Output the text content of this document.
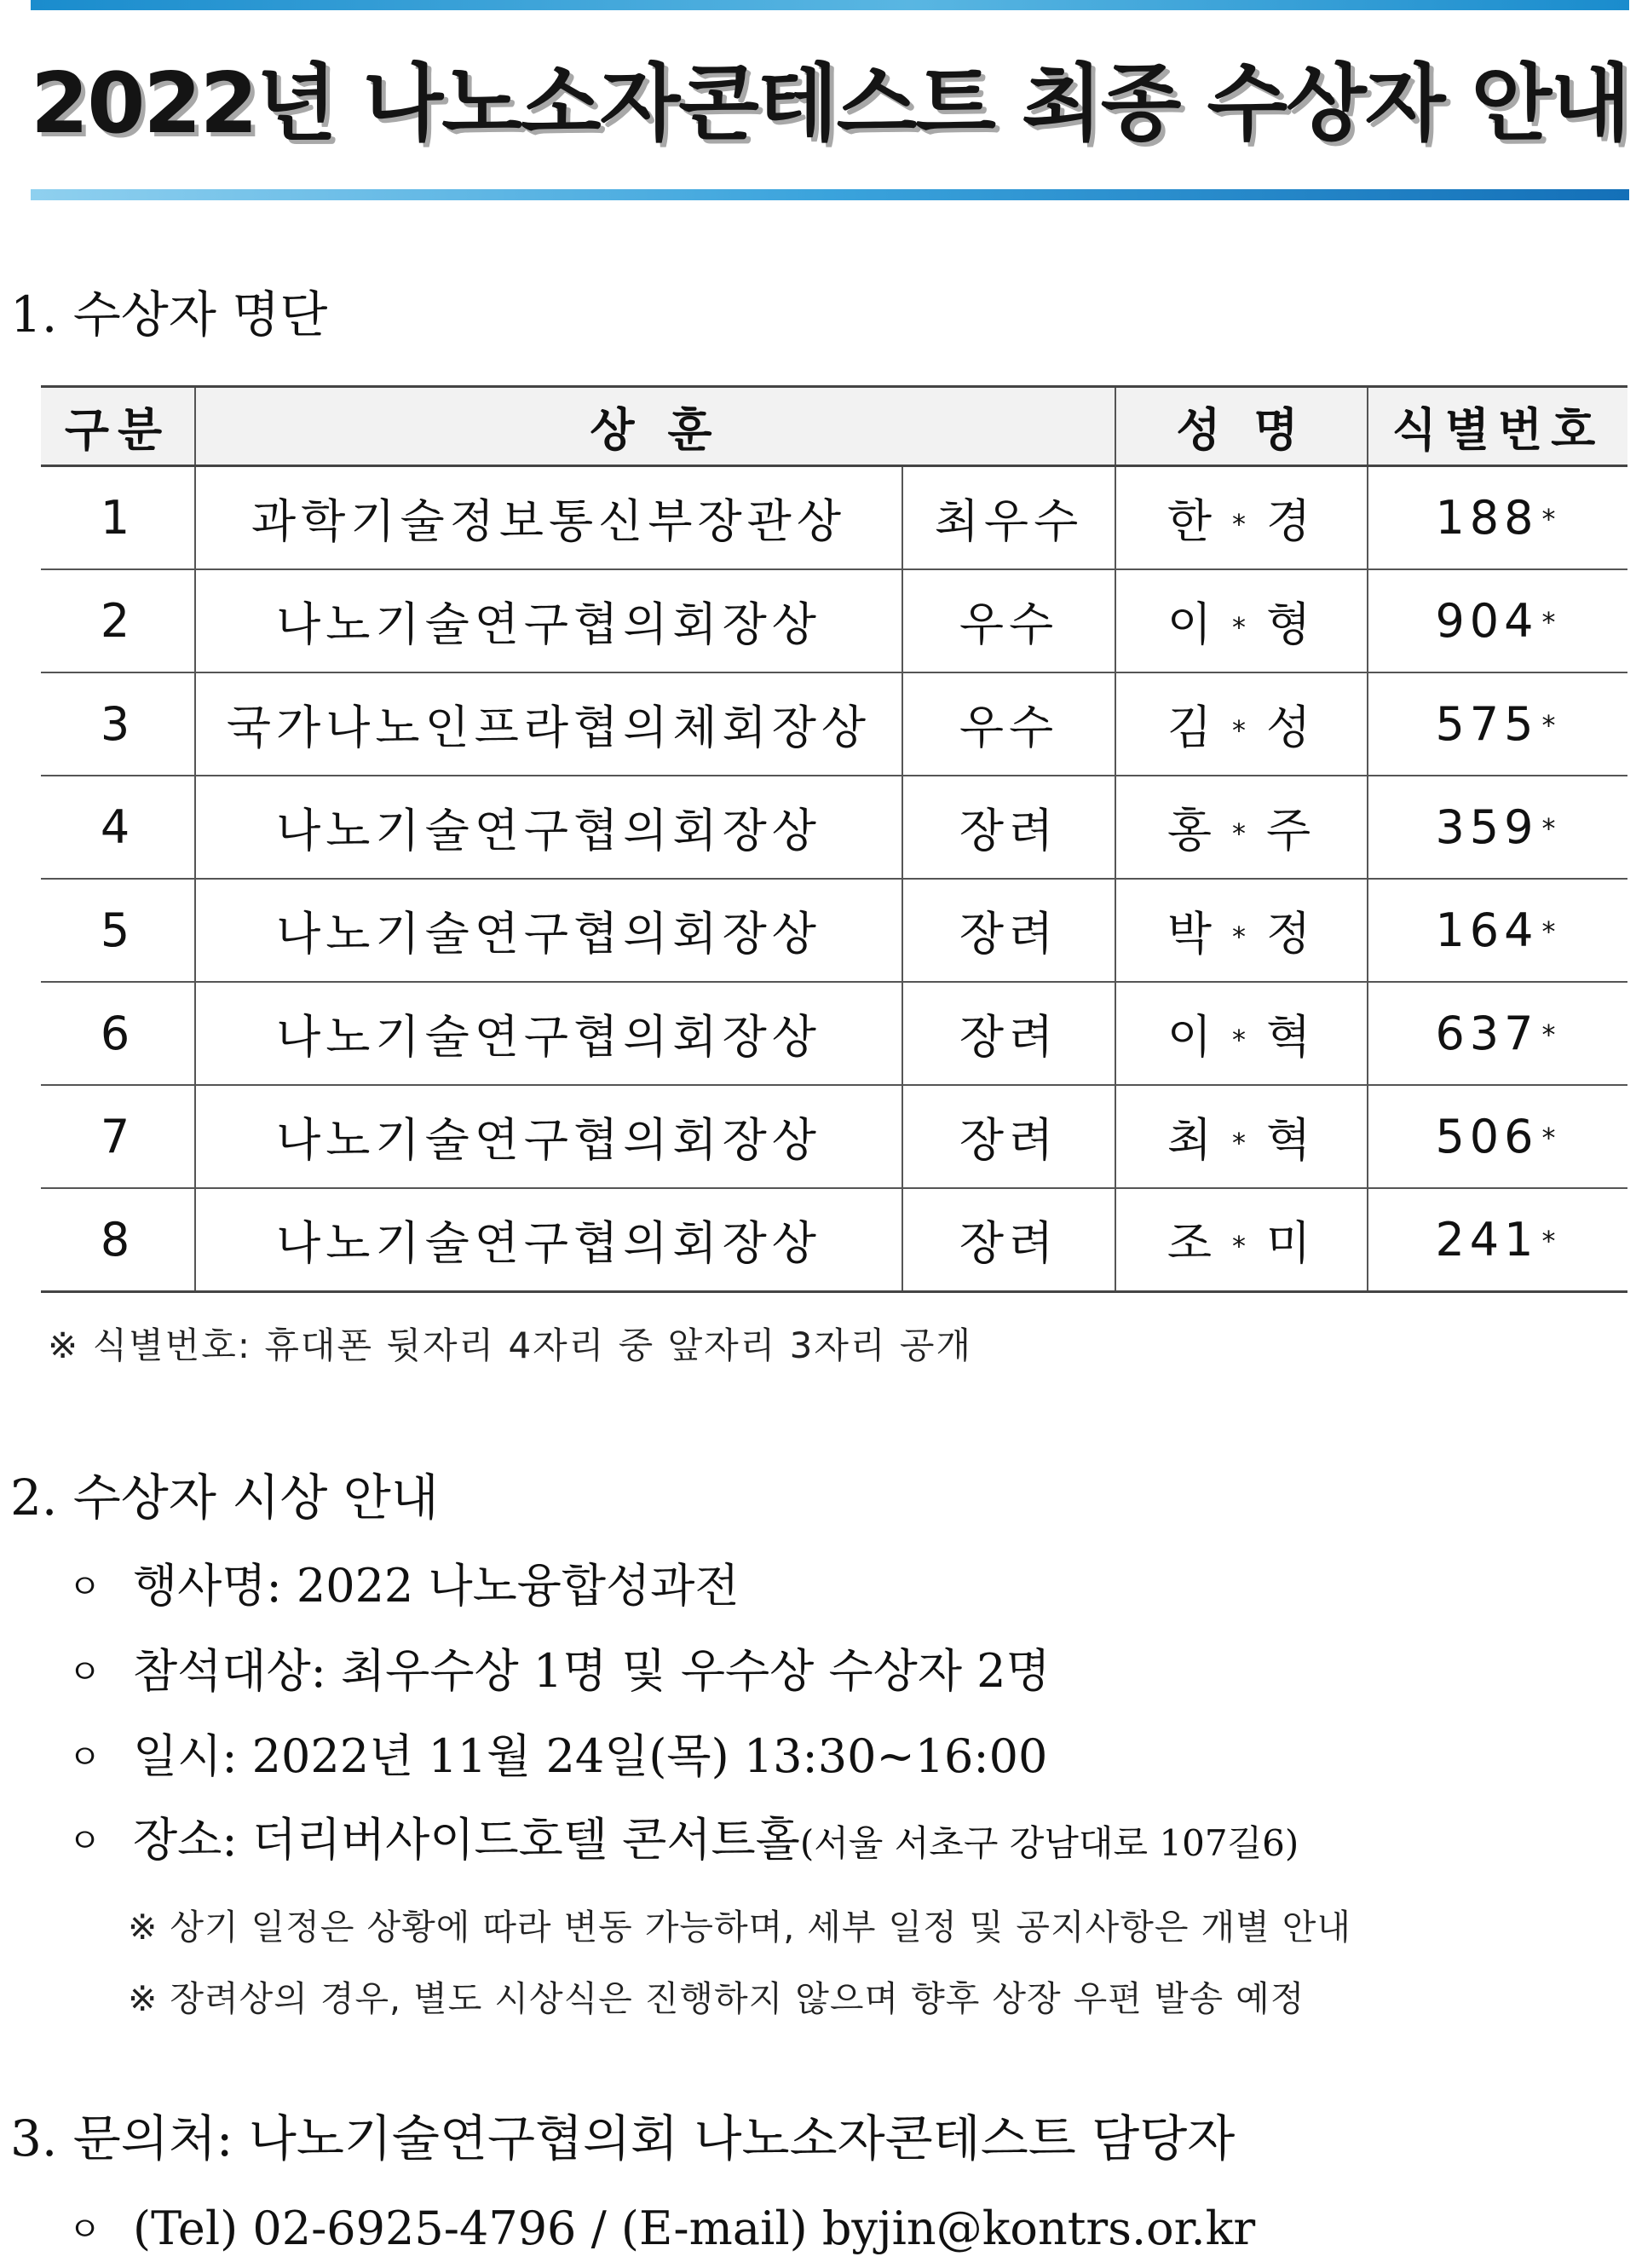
2022년 나노소자콘테스트 최종 수상자 안내
1. 수상자 명단
구분	상 훈		성 명	식별번호
1	과학기술정보통신부장관상	최우수	한 * 경	188 *
2	나노기술연구협의회장상	우수	이 * 형	904 *
3	국가나노인프라협의체회장상	우수	김 * 성	575 *
4	나노기술연구협의회장상	장려	홍 * 주	359 *
5	나노기술연구협의회장상	장려	박 * 정	164 *
6	나노기술연구협의회장상	장려	이 * 혁	637 *
7	나노기술연구협의회장상	장려	최 * 혁	506 *
8	나노기술연구협의회장상	장려	조 * 미	241 *
※ 식별번호: 휴대폰 뒷자리 4자리 중 앞자리 3자리 공개
2. 수상자 시상 안내
ㅇ 행사명: 2022 나노융합성과전
ㅇ 참석대상: 최우수상 1명 및 우수상 수상자 2명
ㅇ 일시: 2022년 11월 24일(목) 13:30~16:00
ㅇ 장소: 더리버사이드호텔 콘서트홀(서울 서초구 강남대로 107길6)
※ 상기 일정은 상황에 따라 변동 가능하며, 세부 일정 및 공지사항은 개별 안내
※ 장려상의 경우, 별도 시상식은 진행하지 않으며 향후 상장 우편 발송 예정
3. 문의처: 나노기술연구협의회 나노소자콘테스트 담당자
ㅇ (Tel) 02-6925-4796 / (E-mail) byjin@kontrs.or.kr
